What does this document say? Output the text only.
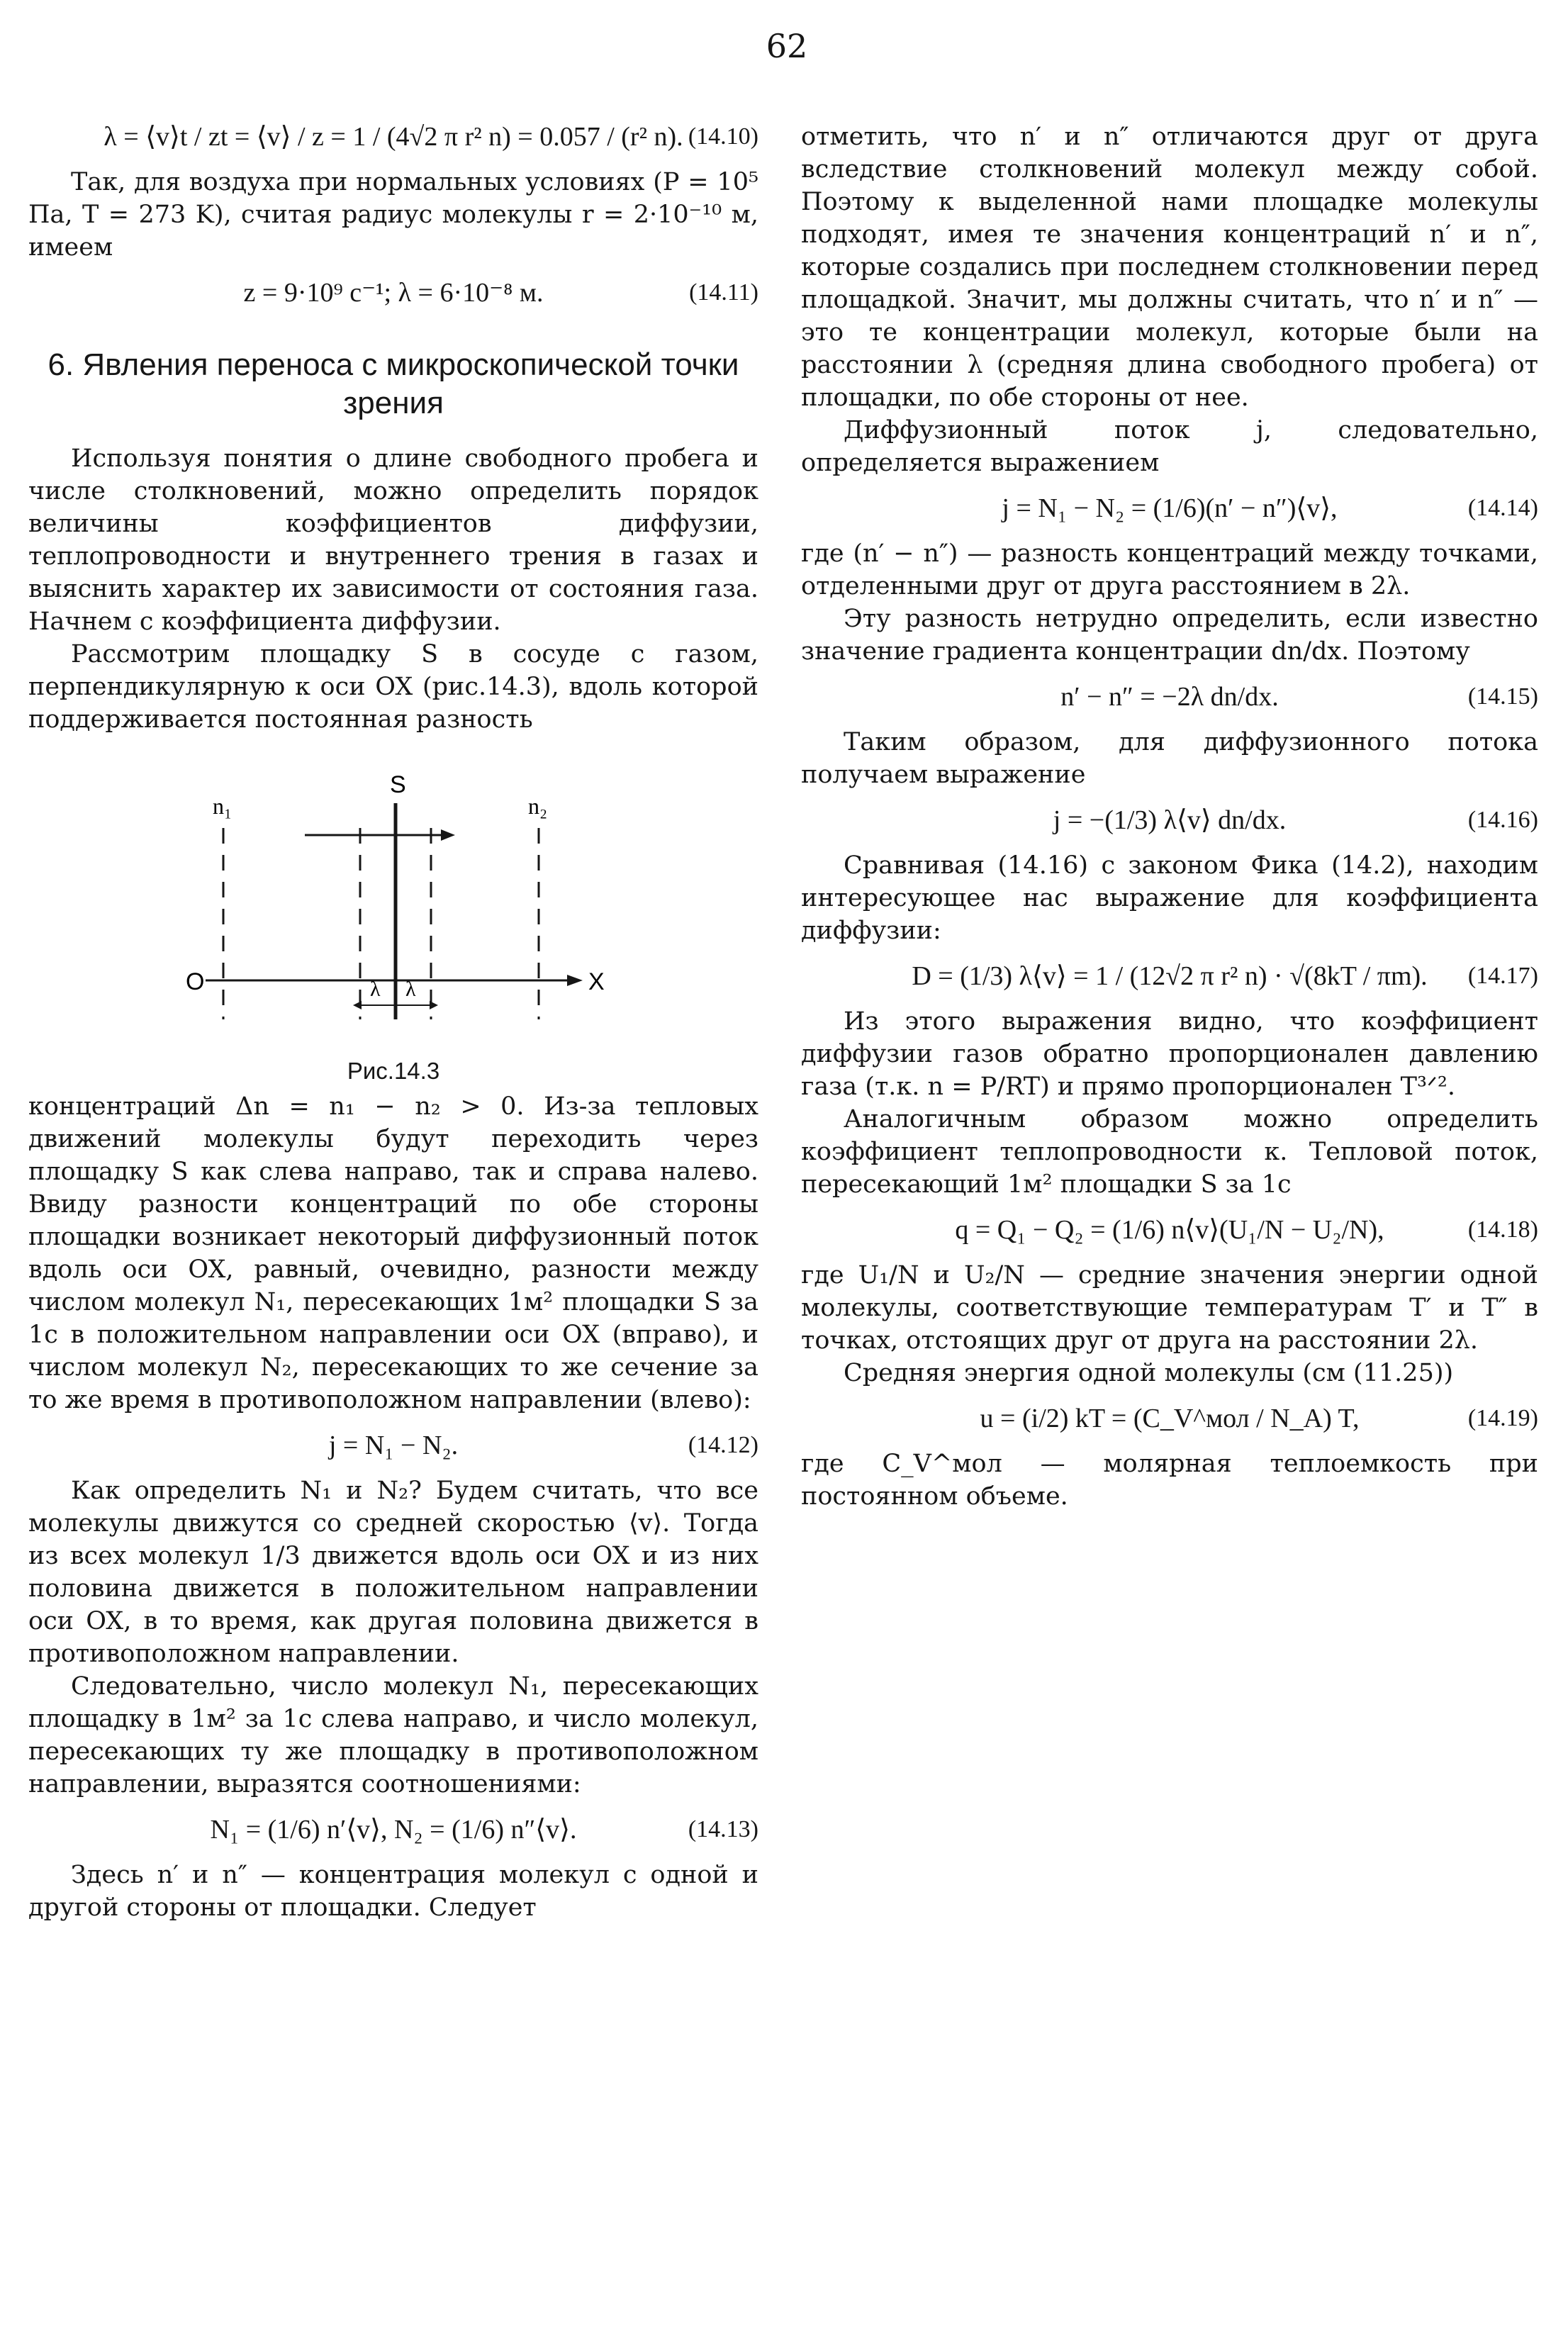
62
λ = ⟨v⟩t / zt = ⟨v⟩ / z = 1 / (4√2 π r² n) = 0.057 / (r² n). (14.10)

Так, для воздуха при нормальных условиях (P = 10⁵ Па, T = 273 K), считая радиус молекулы r = 2·10⁻¹⁰ м, имеем

z = 9·10⁹ с⁻¹; λ = 6·10⁻⁸ м.	(14.11)
6. Явления переноса с микроскопической точки зрения

Используя понятия о длине свободного пробега и числе столкновений, можно определить порядок величины коэффициентов диффузии, теплопроводности и внутреннего трения в газах и выяснить характер их зависимости от состояния газа. Начнем с коэффициента диффузии.

Рассмотрим площадку S в сосуде с газом, перпендикулярную к оси OX (рис.14.3), вдоль которой поддерживается постоянная разность

S
n₁	n₂
O	X
λ λ
Рис.14.3

концентраций Δn = n₁ − n₂ > 0. Из-за тепловых движений молекулы будут переходить через площадку S как слева направо, так и справа налево. Ввиду разности концентраций по обе стороны площадки возникает некоторый диффузионный поток вдоль оси OX, равный, очевидно, разности между числом молекул N₁, пересекающих 1м² площадки S за 1с в положительном направлении оси OX (вправо), и числом молекул N₂, пересекающих то же сечение за то же время в противоположном направлении (влево):

j = N₁ − N₂.	(14.12)

Как определить N₁ и N₂? Будем считать, что все молекулы движутся со средней скоростью ⟨v⟩. Тогда из всех молекул 1/3 движется вдоль оси OX и из них половина движется в положительном направлении оси OX, в то время, как другая половина движется в противоположном направлении.

Следовательно, число молекул N₁, пересекающих площадку в 1м² за 1с слева направо, и число молекул, пересекающих ту же площадку в противоположном направлении, выразятся соотношениями:

N₁ = (1/6) n′⟨v⟩, N₂ = (1/6) n″⟨v⟩.	(14.13)

Здесь n′ и n″ — концентрация молекул с одной и другой стороны от площадки. Следует

отметить, что n′ и n″ отличаются друг от друга вследствие столкновений молекул между собой. Поэтому к выделенной нами площадке молекулы подходят, имея те значения концентраций n′ и n″, которые создались при последнем столкновении перед площадкой. Значит, мы должны считать, что n′ и n″ — это те концентрации молекул, которые были на расстоянии λ (средняя длина свободного пробега) от площадки, по обе стороны от нее.

Диффузионный поток j, следовательно, определяется выражением

j = N₁ − N₂ = (1/6)(n′ − n″)⟨v⟩,	(14.14)

где (n′ − n″) — разность концентраций между точками, отделенными друг от друга расстоянием в 2λ.

Эту разность нетрудно определить, если известно значение градиента концентрации dn/dx. Поэтому

n′ − n″ = −2λ dn/dx.	(14.15)

Таким образом, для диффузионного потока получаем выражение

j = −(1/3) λ⟨v⟩ dn/dx.	(14.16)

Сравнивая (14.16) с законом Фика (14.2), находим интересующее нас выражение для коэффициента диффузии:

D = (1/3) λ⟨v⟩ = 1 / (12√2 π r² n) · √(8kT / πm). (14.17)

Из этого выражения видно, что коэффициент диффузии газов обратно пропорционален давлению газа (т.к. n = P/RT) и прямо пропорционален T³ᐟ².

Аналогичным образом можно определить коэффициент теплопроводности κ. Тепловой поток, пересекающий 1м² площадки S за 1с

q = Q₁ − Q₂ = (1/6) n⟨v⟩(U₁/N − U₂/N),	(14.18)

где U₁/N и U₂/N — средние значения энергии одной молекулы, соответствующие температурам T′ и T″ в точках, отстоящих друг от друга на расстоянии 2λ.

Средняя энергия одной молекулы (см (11.25))

u = (i/2) kT = (C_V^мол / N_A) T,	(14.19)

где C_V^мол — молярная теплоемкость при постоянном объеме.
